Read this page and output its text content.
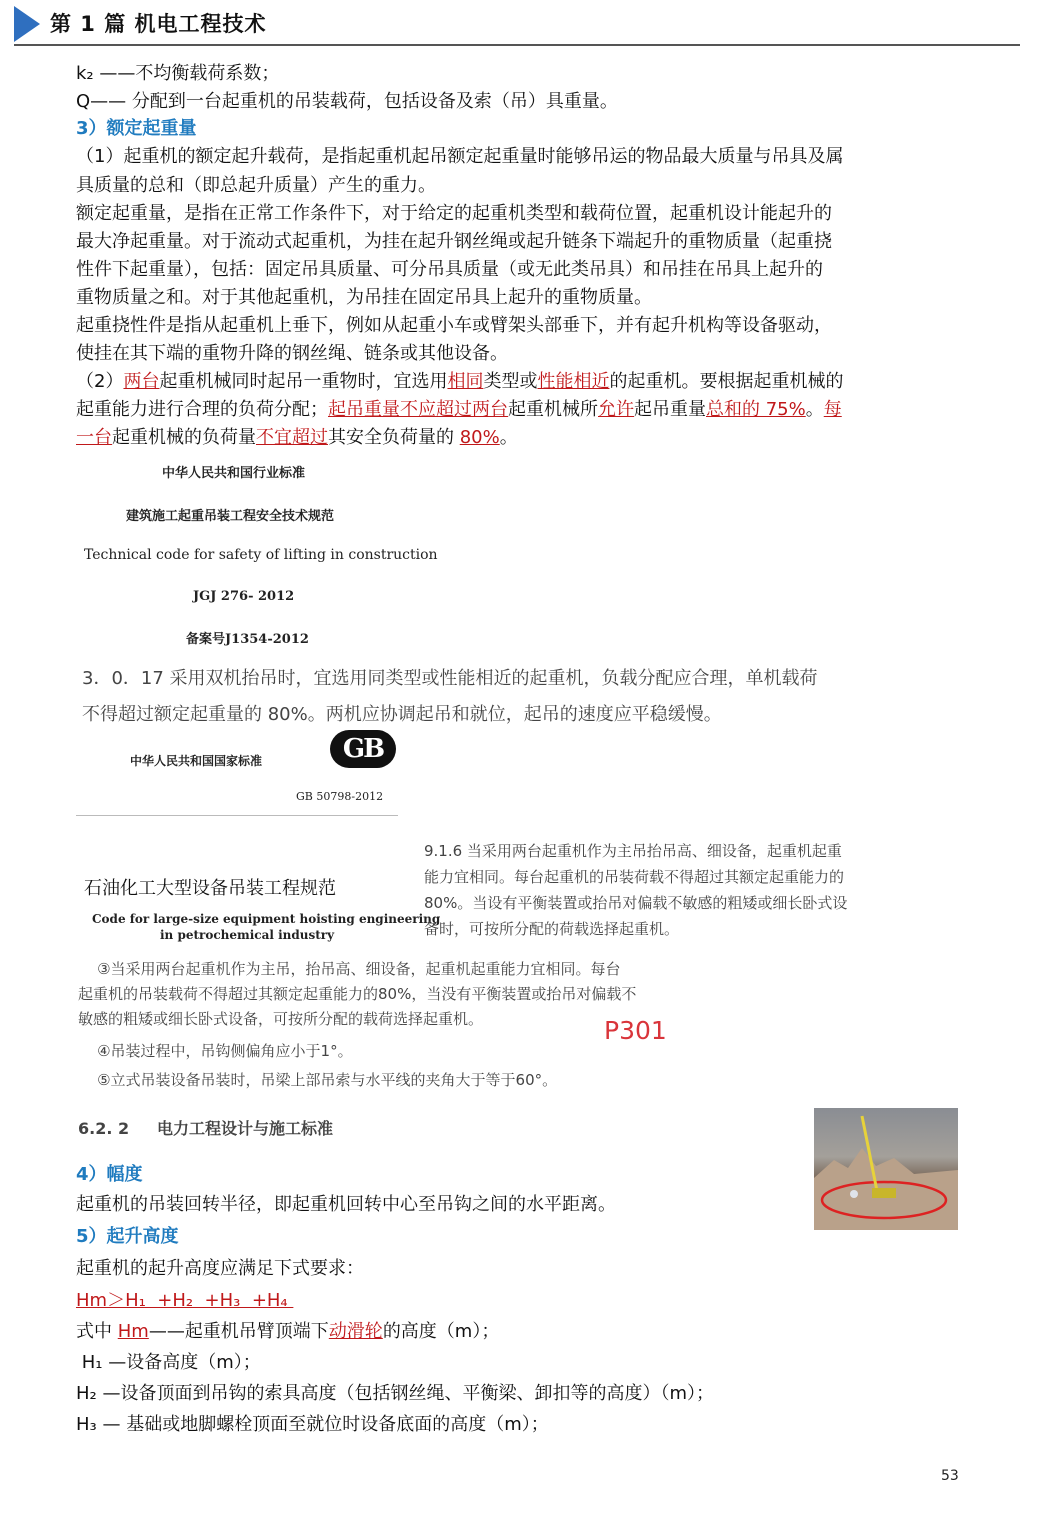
第 1 篇 机电工程技术
k₂ ——不均衡载荷系数；
Q—— 分配到一台起重机的吊装载荷，包括设备及索（吊）具重量。
3）额定起重量
（1）起重机的额定起升载荷，是指起重机起吊额定起重量时能够吊运的物品最大质量与吊具及属
具质量的总和（即总起升质量）产生的重力。
额定起重量，是指在正常工作条件下，对于给定的起重机类型和载荷位置，起重机设计能起升的
最大净起重量。对于流动式起重机，为挂在起升钢丝绳或起升链条下端起升的重物质量（起重挠
性件下起重量），包括：固定吊具质量、可分吊具质量（或无此类吊具）和吊挂在吊具上起升的
重物质量之和。对于其他起重机，为吊挂在固定吊具上起升的重物质量。
起重挠性件是指从起重机上垂下，例如从起重小车或臂架头部垂下，并有起升机构等设备驱动，
使挂在其下端的重物升降的钢丝绳、链条或其他设备。
（2）两台起重机械同时起吊一重物时，宜选用相同类型或性能相近的起重机。要根据起重机械的
起重能力进行合理的负荷分配；起吊重量不应超过两台起重机械所允许起吊重量总和的 75%。每
一台起重机械的负荷量不宜超过其安全负荷量的 80%。
中华人民共和国行业标准
建筑施工起重吊装工程安全技术规范
Technical code for safety of lifting in construction
JGJ 276- 2012
备案号J1354-2012
3．0．17 采用双机抬吊时，宜选用同类型或性能相近的起重机，负载分配应合理，单机载荷
不得超过额定起重量的 80%。两机应协调起吊和就位，起吊的速度应平稳缓慢。
中华人民共和国国家标准	GB
GB 50798-2012
石油化工大型设备吊装工程规范
Code for large-size equipment hoisting engineering
in petrochemical industry
9.1.6 当采用两台起重机作为主吊抬吊高、细设备，起重机起重
能力宜相同。每台起重机的吊装荷载不得超过其额定起重能力的
80%。当设有平衡装置或抬吊对偏载不敏感的粗矮或细长卧式设
备时，可按所分配的荷载选择起重机。
③当采用两台起重机作为主吊，抬吊高、细设备，起重机起重能力宜相同。每台
起重机的吊装载荷不得超过其额定起重能力的80%，当没有平衡装置或抬吊对偏载不
敏感的粗矮或细长卧式设备，可按所分配的载荷选择起重机。
④吊装过程中，吊钩侧偏角应小于1°。
⑤立式吊装设备吊装时，吊梁上部吊索与水平线的夹角大于等于60°。
P301
6.2. 2     电力工程设计与施工标准
4）幅度
起重机的吊装回转半径，即起重机回转中心至吊钩之间的水平距离。
5）起升高度
起重机的起升高度应满足下式要求：
Hm＞H₁  +H₂  +H₃  +H₄
式中 Hm——起重机吊臂顶端下动滑轮的高度（m）；
H₁ —设备高度（m）；
H₂ —设备顶面到吊钩的索具高度（包括钢丝绳、平衡梁、卸扣等的高度）（m）；
H₃ — 基础或地脚螺栓顶面至就位时设备底面的高度（m）；
53
